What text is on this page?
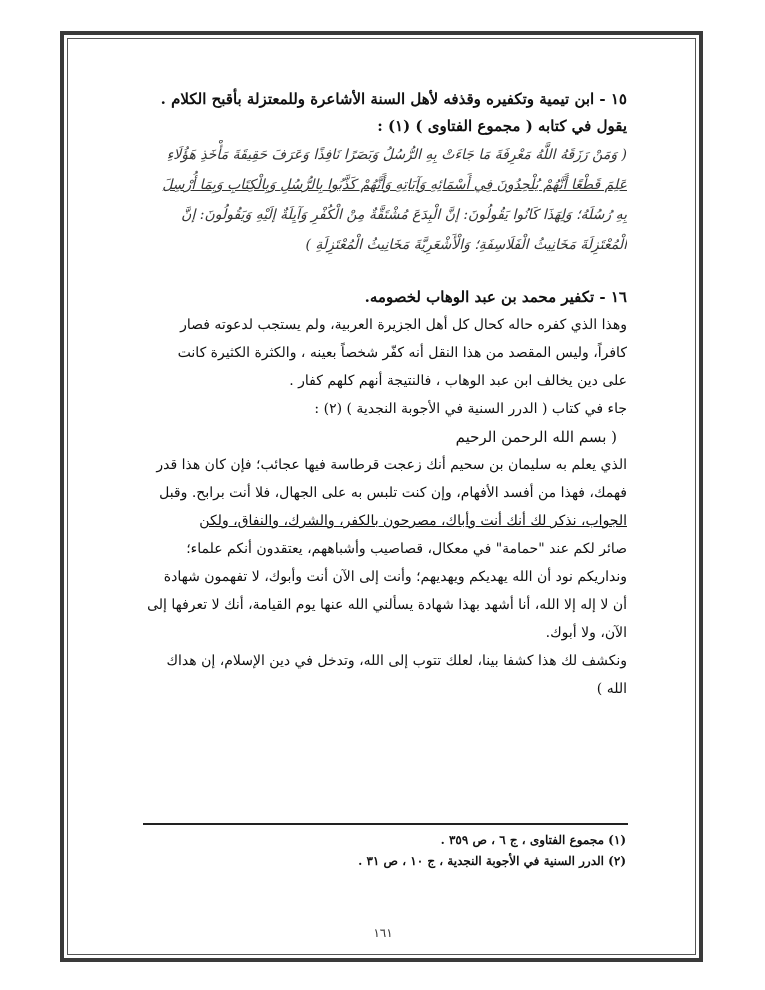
١٥ - ابن تيمية وتكفيره وقذفه لأهل السنة الأشاعرة وللمعتزلة بأقبح الكلام .
يقول في كتابه ( مجموع الفتاوى ) (١) :
( وَمَنْ رَزَقَهُ اللَّهُ مَعْرِفَةَ مَا جَاءَتْ بِهِ الرُّسُلُ وَبَصَرًا نَافِذًا وَعَرَفَ حَقِيقَةَ مَأْخَذِ هَؤُلَاءِ
عَلِمَ قَطْعًا أَنَّهُمْ يُلْحِدُونَ فِي أَسْمَائِهِ وَآيَاتِهِ وَأَنَّهُمْ كَذَّبُوا بِالرُّسُلِ وَبِالْكِتَابِ وَبِمَا أُرْسِلَ
بِهِ رُسُلَهُ؛ وَلِهَذَا كَانُوا يَقُولُونَ: إنَّ الْبِدَعَ مُشْتَقَّةٌ مِنْ الْكُفْرِ وَآيِلَةٌ إلَيْهِ وَيَقُولُونَ: إنَّ
الْمُعْتَزِلَةَ مَخَانِيثُ الْفَلَاسِفَةِ؛ وَالْأَشْعَرِيَّةَ مَخَانِيثُ الْمُعْتَزِلَةِ )
١٦ - تكفير محمد بن عبد الوهاب لخصومه.
وهذا الذي كفره حاله كحال كل أهل الجزيرة العربية، ولم يستجب لدعوته فصار
كافراً، وليس المقصد من هذا النقل أنه كفّر شخصاً بعينه ، والكثرة الكثيرة كانت
على دين يخالف ابن عبد الوهاب ، فالنتيجة أنهم كلهم كفار .
جاء في كتاب ( الدرر السنية في الأجوبة النجدية ) (٢) :
( بسم الله الرحمن الرحيم
الذي يعلم به سليمان بن سحيم أنك زعجت قرطاسة فيها عجائب؛ فإن كان هذا قدر
فهمك، فهذا من أفسد الأفهام، وإن كنت تلبس به على الجهال، فلا أنت برابح. وقبل
الجواب، نذكر لك أنك أنت وأباك، مصرحون بالكفر، والشرك، والنفاق، ولكن
صائر لكم عند "حمامة" في معكال، قصاصيب وأشباههم، يعتقدون أنكم علماء؛
ونداريكم نود أن الله يهديكم ويهديهم؛ وأنت إلى الآن أنت وأبوك، لا تفهمون شهادة
أن لا إله إلا الله، أنا أشهد بهذا شهادة يسألني الله عنها يوم القيامة، أنك لا تعرفها إلى
الآن، ولا أبوك.
ونكشف لك هذا كشفا بينا، لعلك تتوب إلى الله، وتدخل في دين الإسلام، إن هداك
الله )
(١) مجموع الفتاوى ، ج ٦ ، ص ٣٥٩ .
(٢) الدرر السنية في الأجوبة النجدية ، ج ١٠ ، ص ٣١ .
١٦١
